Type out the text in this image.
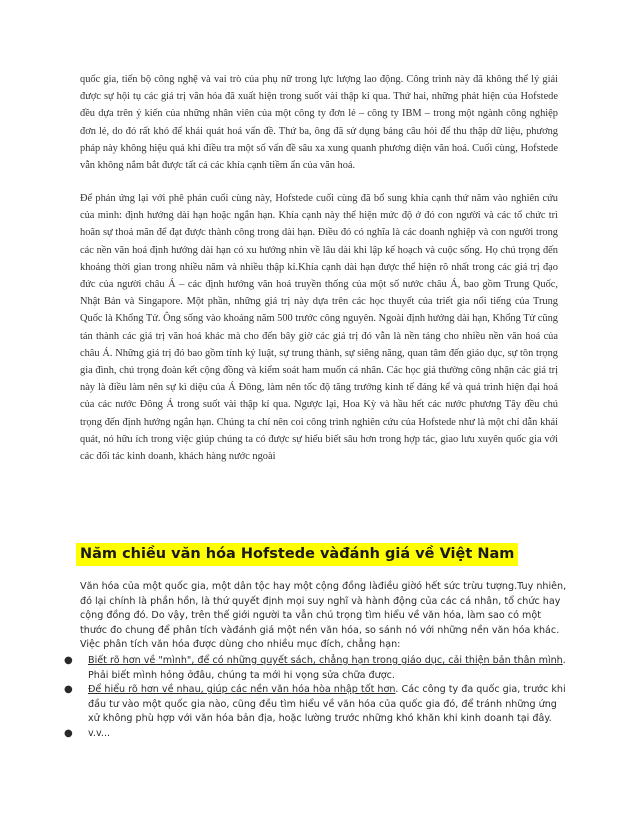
quốc gia, tiến bộ công nghệ và vai trò của phụ nữ trong lực lượng lao động. Công trình này đã không thể lý giải được sự hội tụ các giá trị văn hóa đã xuất hiện trong suốt vài thập kỉ qua. Thứ hai, những phát hiện của Hofstede đều dựa trên ý kiến của những nhân viên của một công ty đơn lẻ – công ty IBM – trong một ngành công nghiệp đơn lẻ, do đó rất khó để khái quát hoá vấn đề. Thứ ba, ông đã sử dụng bảng câu hỏi để thu thập dữ liệu, phương pháp này không hiệu quả khi điều tra một số vấn đề sâu xa xung quanh phương diện văn hoá. Cuối cùng, Hofstede vẫn không nắm bắt được tất cả các khía cạnh tiềm ẩn của văn hoá.

Để phản ứng lại với phê phán cuối cùng này, Hofstede cuối cùng đã bổ sung khía cạnh thứ năm vào nghiên cứu của mình: định hướng dài hạn hoặc ngắn hạn. Khía cạnh này thể hiện mức độ ở đó con người và các tổ chức trì hoãn sự thoả mãn để đạt được thành công trong dài hạn. Điều đó có nghĩa là các doanh nghiệp và con người trong các nền văn hoá định hướng dài hạn có xu hướng nhìn về lâu dài khi lập kế hoạch và cuộc sống. Họ chú trọng đến khoảng thời gian trong nhiều năm và nhiều thập kỉ.Khía cạnh dài hạn được thể hiện rõ nhất trong các giá trị đạo đức của người châu Á – các định hướng văn hoá truyền thống của một số nước châu Á, bao gồm Trung Quốc, Nhật Bản và Singapore. Một phần, những giá trị này dựa trên các học thuyết của triết gia nổi tiếng của Trung Quốc là Khổng Tử. Ông sống vào khoảng năm 500 trước công nguyên. Ngoài định hướng dài hạn, Khổng Tử cũng tán thành các giá trị văn hoá khác mà cho đến bây giờ các giá trị đó vẫn là nền tảng cho nhiều nền văn hoá của châu Á. Những giá trị đó bao gồm tính kỷ luật, sự trung thành, sự siêng năng, quan tâm đến giáo dục, sự tôn trọng gia đình, chú trọng đoàn kết cộng đồng và kiểm soát ham muốn cá nhân. Các học giả thường công nhận các giá trị này là điều làm nên sự kì diệu của Á Đông, làm nên tốc độ tăng trưởng kinh tế đáng kể và quá trình hiện đại hoá của các nước Đông Á trong suốt vài thập kỉ qua. Ngược lại, Hoa Kỳ và hầu hết các nước phương Tây đều chú trọng đến định hướng ngắn hạn. Chúng ta chỉ nên coi công trình nghiên cứu của Hofstede như là một chỉ dẫn khái quát, nó hữu ích trong việc giúp chúng ta có được sự hiểu biết sâu hơn trong hợp tác, giao lưu xuyên quốc gia với các đối tác kinh doanh, khách hàng nước ngoài

Năm chiều văn hóa Hofstede vàđánh giá về Việt Nam

Văn hóa của một quốc gia, một dân tộc hay một cộng đồng làđiều giờó hết sức trừu tượng.Tuy nhiên, đó lại chính là phần hồn, là thứ quyết định mọi suy nghĩ và hành động của các cá nhân, tổ chức hay cộng đồng đó. Do vậy, trên thế giới người ta vẫn chú trọng tìm hiểu về văn hóa, làm sao có một thước đo chung để phân tích vàđánh giá một nền văn hóa, so sánh nó với những nền văn hóa khác. Việc phân tích văn hóa được dùng cho nhiều mục đích, chẳng hạn:

● Biết rõ hơn về "mình", để có những quyết sách, chẳng hạn trong giáo dục, cải thiện bản thân mình. Phải biết mình hỏng ởđâu, chúng ta mới hi vọng sửa chữa được.
● Để hiểu rõ hơn về nhau, giúp các nền văn hóa hòa nhập tốt hơn. Các công ty đa quốc gia, trước khi đầu tư vào một quốc gia nào, cũng đều tìm hiểu về văn hóa của quốc gia đó, để tránh những ứng xử không phù hợp với văn hóa bản địa, hoặc lường trước những khó khăn khi kinh doanh tại đây.
● v.v...
